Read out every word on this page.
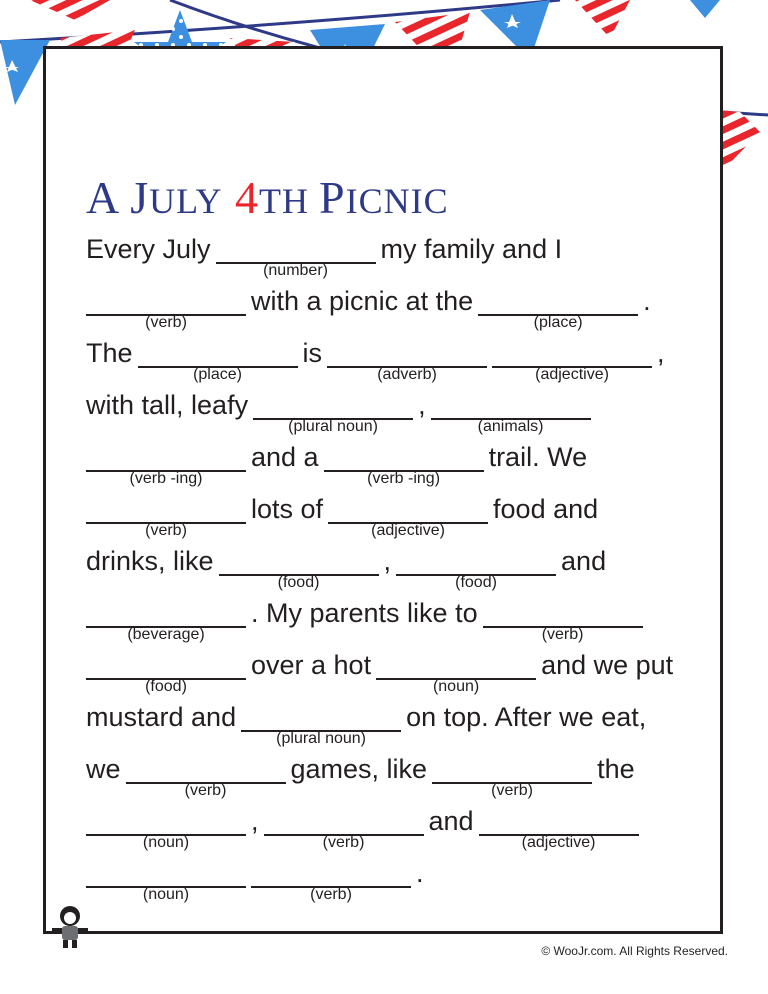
A JULY 4TH PICNIC
Every July
(number)
my family and I
(verb)
with a picnic at the
(place)
.
The
(place)
is
(adverb)	(adjective)
,
with tall, leafy
(plural noun)
,
(animals)
(verb -ing)
and a
(verb -ing)
trail. We
(verb)
lots of
(adjective)
food and
drinks, like
(food)
,
(food)
and
(beverage)
. My parents like to
(verb)
(food)
over a hot
(noun)
and we put
mustard and
(plural noun)
on top. After we eat,
we
(verb)
games, like
(verb)
the
(noun)
,
(verb)
and
(adjective)
(noun)	(verb)
.
© WooJr.com. All Rights Reserved.
